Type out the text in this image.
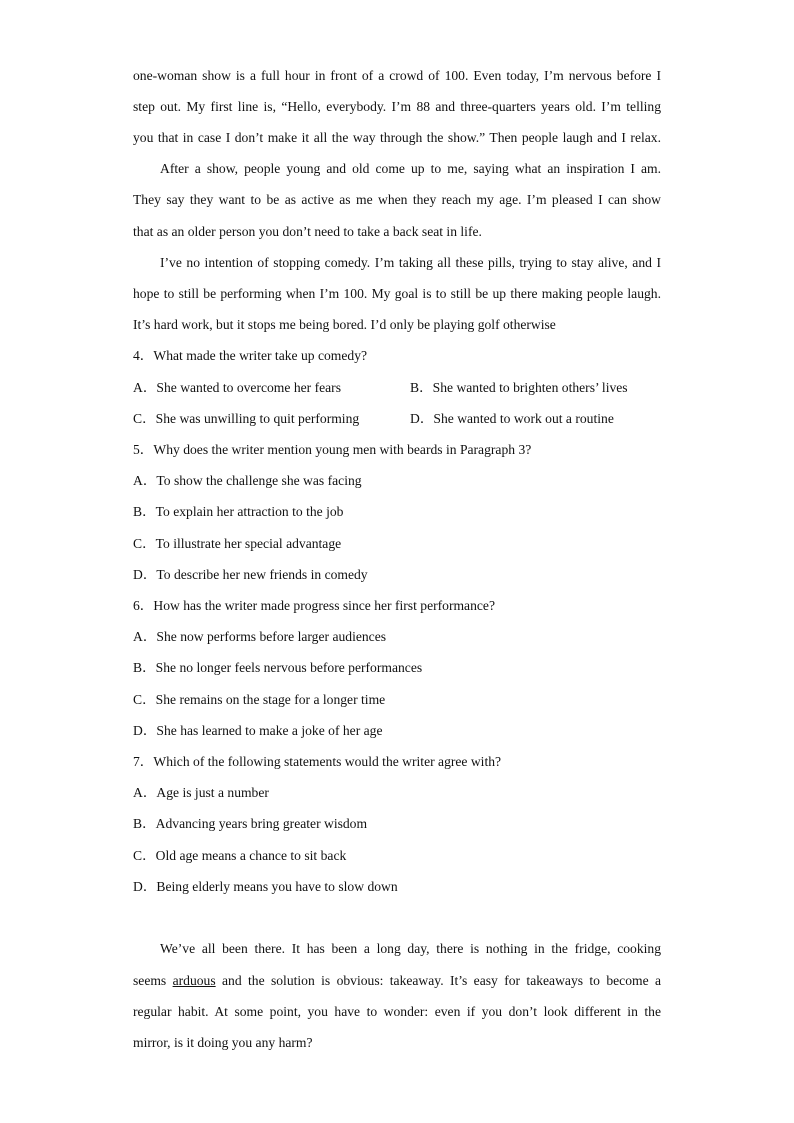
one-woman show is a full hour in front of a crowd of 100. Even today, I’m nervous before I
step out. My first line is, “Hello, everybody. I’m 88 and three-quarters years old. I’m telling
you that in case I don’t make it all the way through the show.” Then people laugh and I relax.
After a show, people young and old come up to me, saying what an inspiration I am.
They say they want to be as active as me when they reach my age. I’m pleased I can show
that as an older person you don’t need to take a back seat in life.
I’ve no intention of stopping comedy. I’m taking all these pills, trying to stay alive, and I
hope to still be performing when I’m 100. My goal is to still be up there making people laugh.
It’s hard work, but it stops me being bored. I’d only be playing golf otherwise
4．What made the writer take up comedy?
A．She wanted to overcome her fears	B．She wanted to brighten others’ lives
C．She was unwilling to quit performing	D．She wanted to work out a routine
5．Why does the writer mention young men with beards in Paragraph 3?
A．To show the challenge she was facing
B．To explain her attraction to the job
C．To illustrate her special advantage
D．To describe her new friends in comedy
6．How has the writer made progress since her first performance?
A．She now performs before larger audiences
B．She no longer feels nervous before performances
C．She remains on the stage for a longer time
D．She has learned to make a joke of her age
7．Which of the following statements would the writer agree with?
A．Age is just a number
B．Advancing years bring greater wisdom
C．Old age means a chance to sit back
D．Being elderly means you have to slow down
We’ve all been there. It has been a long day, there is nothing in the fridge, cooking
seems arduous and the solution is obvious: takeaway. It’s easy for takeaways to become a
regular habit. At some point, you have to wonder: even if you don’t look different in the
mirror, is it doing you any harm?
